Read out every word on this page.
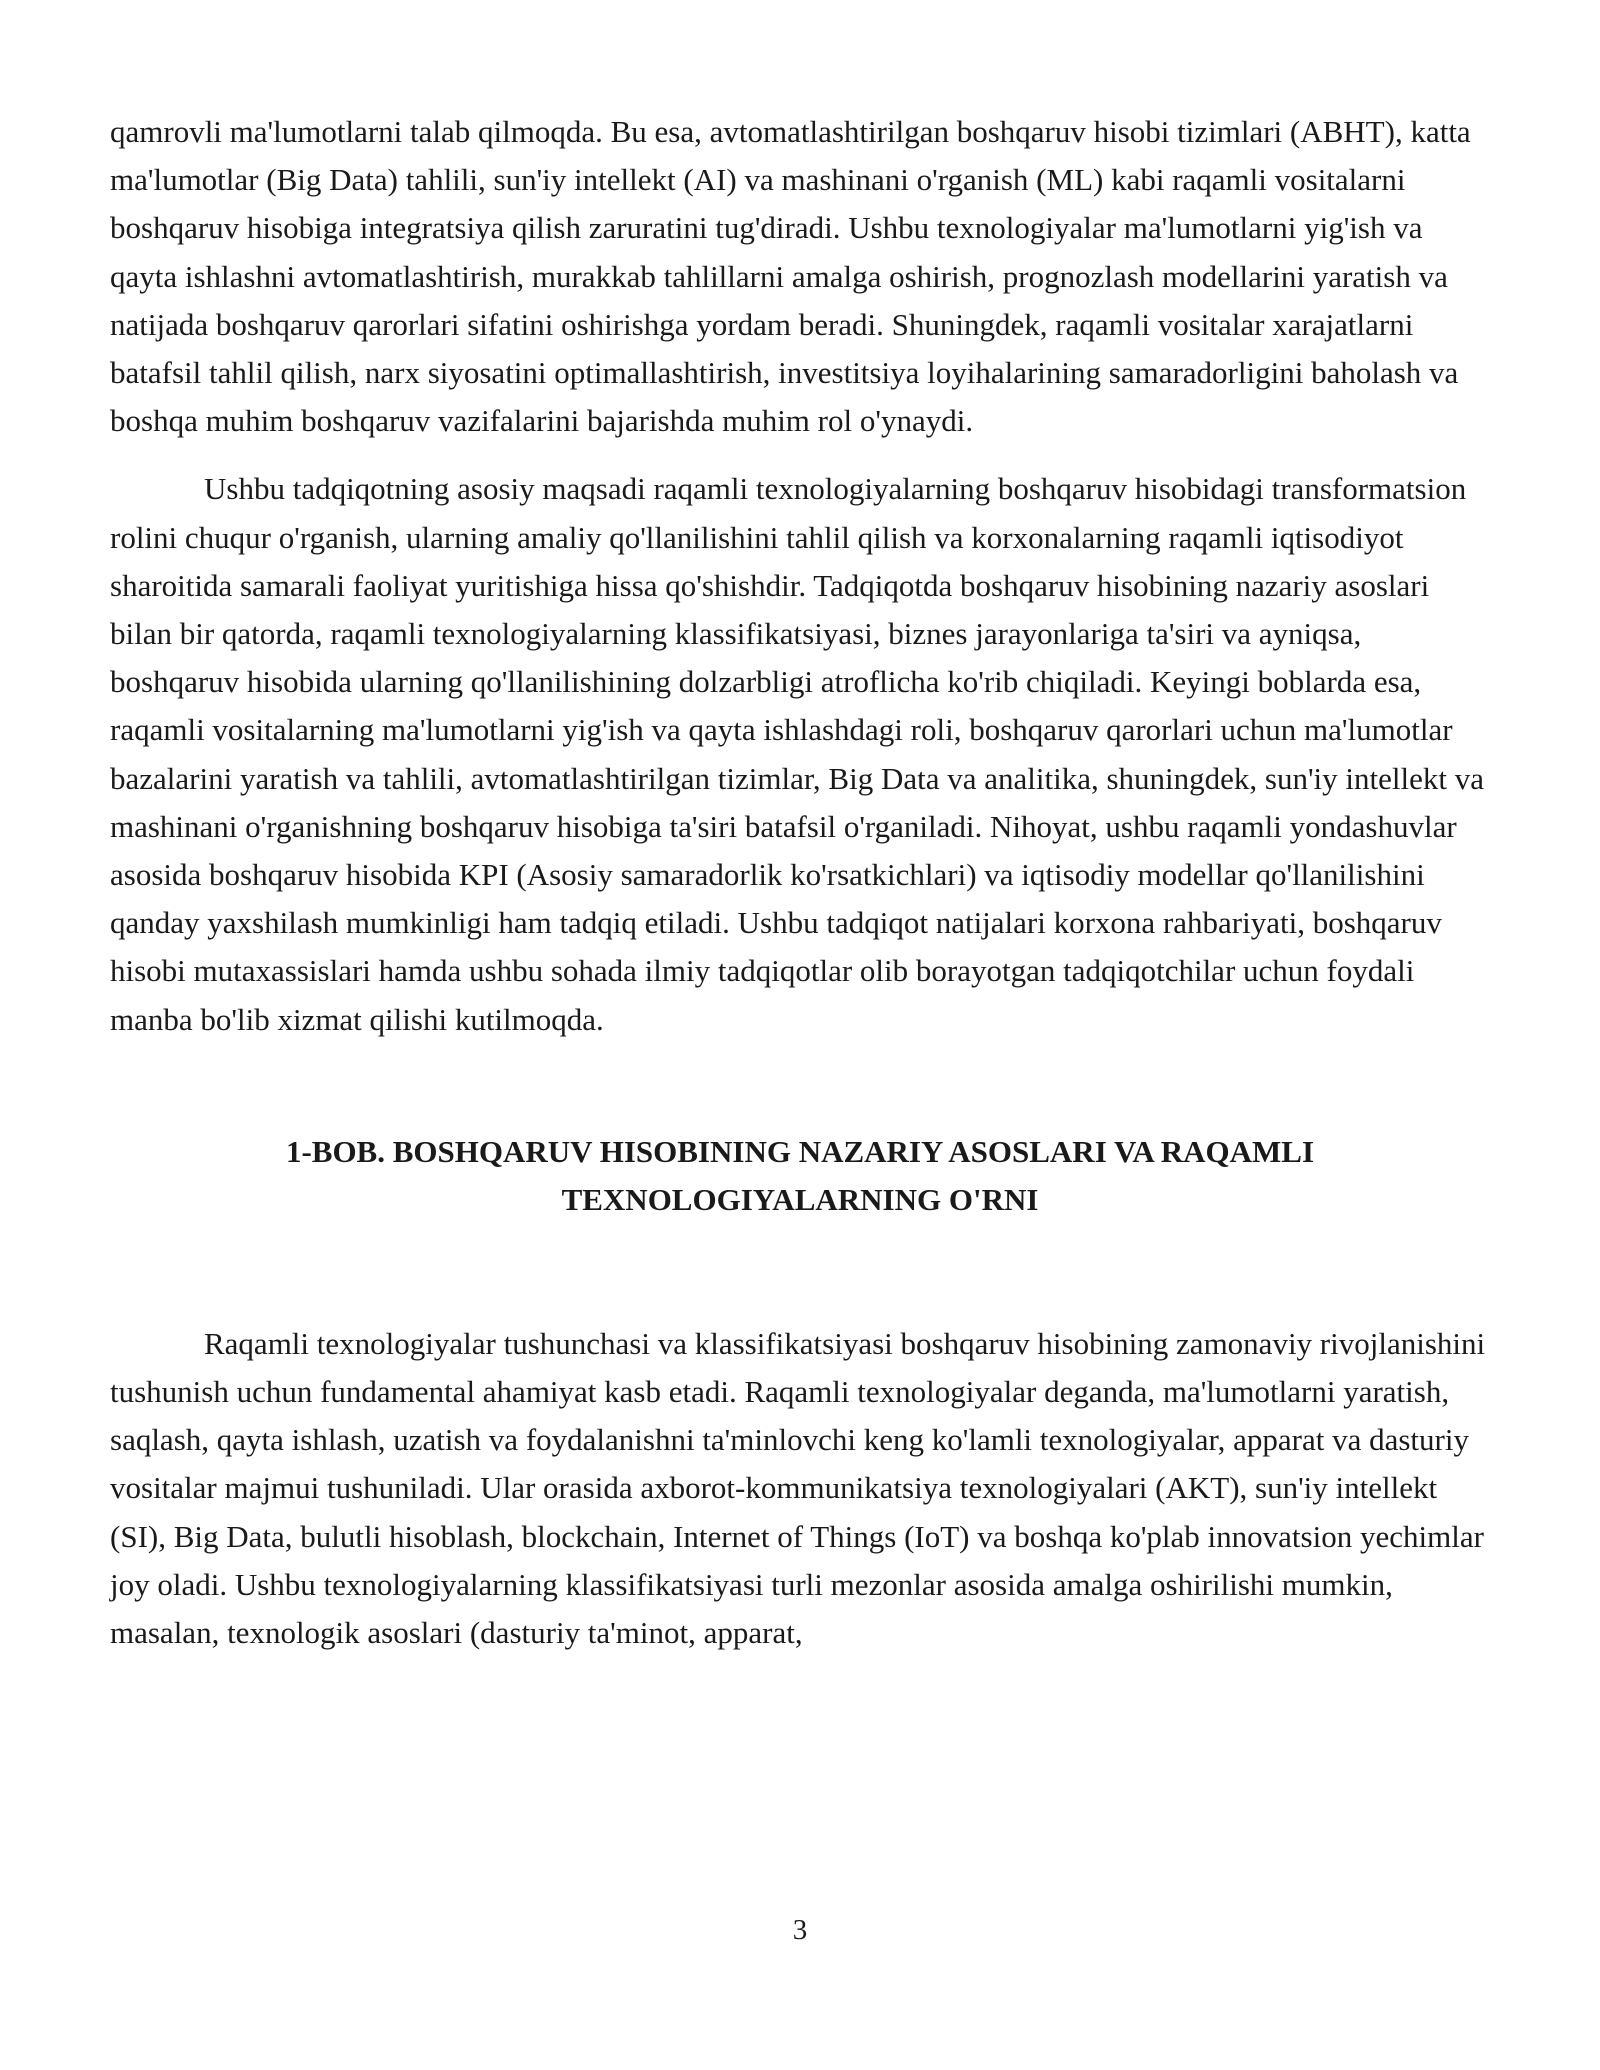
qamrovli ma'lumotlarni talab qilmoqda. Bu esa, avtomatlashtirilgan boshqaruv hisobi tizimlari (ABHT), katta ma'lumotlar (Big Data) tahlili, sun'iy intellekt (AI) va mashinani o'rganish (ML) kabi raqamli vositalarni boshqaruv hisobiga integratsiya qilish zaruratini tug'diradi. Ushbu texnologiyalar ma'lumotlarni yig'ish va qayta ishlashni avtomatlashtirish, murakkab tahlillarni amalga oshirish, prognozlash modellarini yaratish va natijada boshqaruv qarorlari sifatini oshirishga yordam beradi. Shuningdek, raqamli vositalar xarajatlarni batafsil tahlil qilish, narx siyosatini optimallashtirish, investitsiya loyihalarining samaradorligini baholash va boshqa muhim boshqaruv vazifalarini bajarishda muhim rol o'ynaydi.

Ushbu tadqiqotning asosiy maqsadi raqamli texnologiyalarning boshqaruv hisobidagi transformatsion rolini chuqur o'rganish, ularning amaliy qo'llanilishini tahlil qilish va korxonalarning raqamli iqtisodiyot sharoitida samarali faoliyat yuritishiga hissa qo'shishdir. Tadqiqotda boshqaruv hisobining nazariy asoslari bilan bir qatorda, raqamli texnologiyalarning klassifikatsiyasi, biznes jarayonlariga ta'siri va ayniqsa, boshqaruv hisobida ularning qo'llanilishining dolzarbligi atroflicha ko'rib chiqiladi. Keyingi boblarda esa, raqamli vositalarning ma'lumotlarni yig'ish va qayta ishlashdagi roli, boshqaruv qarorlari uchun ma'lumotlar bazalarini yaratish va tahlili, avtomatlashtirilgan tizimlar, Big Data va analitika, shuningdek, sun'iy intellekt va mashinani o'rganishning boshqaruv hisobiga ta'siri batafsil o'rganiladi. Nihoyat, ushbu raqamli yondashuvlar asosida boshqaruv hisobida KPI (Asosiy samaradorlik ko'rsatkichlari) va iqtisodiy modellar qo'llanilishini qanday yaxshilash mumkinligi ham tadqiq etiladi. Ushbu tadqiqot natijalari korxona rahbariyati, boshqaruv hisobi mutaxassislari hamda ushbu sohada ilmiy tadqiqotlar olib borayotgan tadqiqotchilar uchun foydali manba bo'lib xizmat qilishi kutilmoqda.

1-BOB. BOSHQARUV HISOBINING NAZARIY ASOSLARI VA RAQAMLI
TEXNOLOGIYALARNING O'RNI

Raqamli texnologiyalar tushunchasi va klassifikatsiyasi boshqaruv hisobining zamonaviy rivojlanishini tushunish uchun fundamental ahamiyat kasb etadi. Raqamli texnologiyalar deganda, ma'lumotlarni yaratish, saqlash, qayta ishlash, uzatish va foydalanishni ta'minlovchi keng ko'lamli texnologiyalar, apparat va dasturiy vositalar majmui tushuniladi. Ular orasida axborot-kommunikatsiya texnologiyalari (AKT), sun'iy intellekt (SI), Big Data, bulutli hisoblash, blockchain, Internet of Things (IoT) va boshqa ko'plab innovatsion yechimlar joy oladi. Ushbu texnologiyalarning klassifikatsiyasi turli mezonlar asosida amalga oshirilishi mumkin, masalan, texnologik asoslari (dasturiy ta'minot, apparat,

3
